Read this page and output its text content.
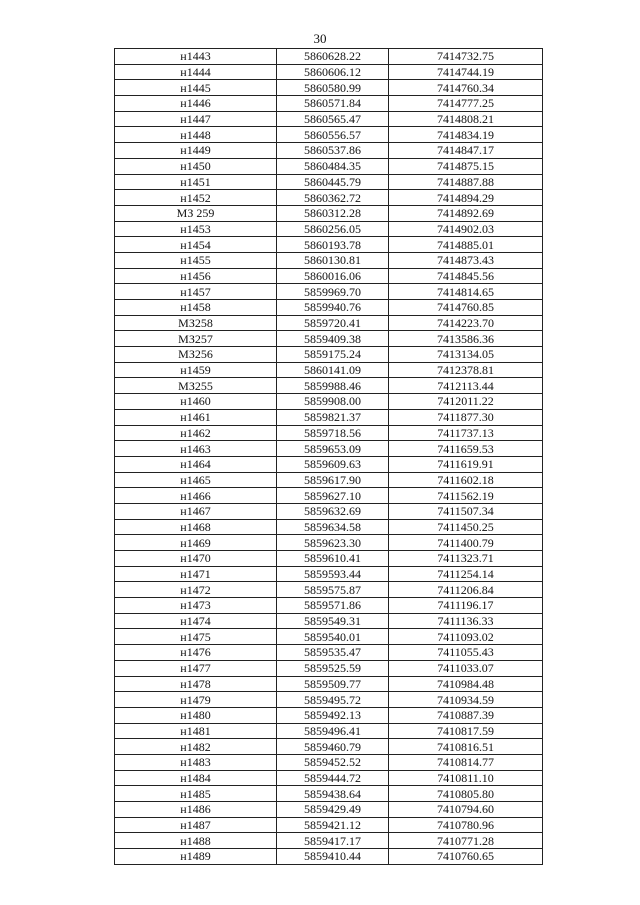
30
н1443	5860628.22	7414732.75
н1444	5860606.12	7414744.19
н1445	5860580.99	7414760.34
н1446	5860571.84	7414777.25
н1447	5860565.47	7414808.21
н1448	5860556.57	7414834.19
н1449	5860537.86	7414847.17
н1450	5860484.35	7414875.15
н1451	5860445.79	7414887.88
н1452	5860362.72	7414894.29
МЗ 259	5860312.28	7414892.69
н1453	5860256.05	7414902.03
н1454	5860193.78	7414885.01
н1455	5860130.81	7414873.43
н1456	5860016.06	7414845.56
н1457	5859969.70	7414814.65
н1458	5859940.76	7414760.85
МЗ258	5859720.41	7414223.70
МЗ257	5859409.38	7413586.36
МЗ256	5859175.24	7413134.05
н1459	5860141.09	7412378.81
МЗ255	5859988.46	7412113.44
н1460	5859908.00	7412011.22
н1461	5859821.37	7411877.30
н1462	5859718.56	7411737.13
н1463	5859653.09	7411659.53
н1464	5859609.63	7411619.91
н1465	5859617.90	7411602.18
н1466	5859627.10	7411562.19
н1467	5859632.69	7411507.34
н1468	5859634.58	7411450.25
н1469	5859623.30	7411400.79
н1470	5859610.41	7411323.71
н1471	5859593.44	7411254.14
н1472	5859575.87	7411206.84
н1473	5859571.86	7411196.17
н1474	5859549.31	7411136.33
н1475	5859540.01	7411093.02
н1476	5859535.47	7411055.43
н1477	5859525.59	7411033.07
н1478	5859509.77	7410984.48
н1479	5859495.72	7410934.59
н1480	5859492.13	7410887.39
н1481	5859496.41	7410817.59
н1482	5859460.79	7410816.51
н1483	5859452.52	7410814.77
н1484	5859444.72	7410811.10
н1485	5859438.64	7410805.80
н1486	5859429.49	7410794.60
н1487	5859421.12	7410780.96
н1488	5859417.17	7410771.28
н1489	5859410.44	7410760.65
